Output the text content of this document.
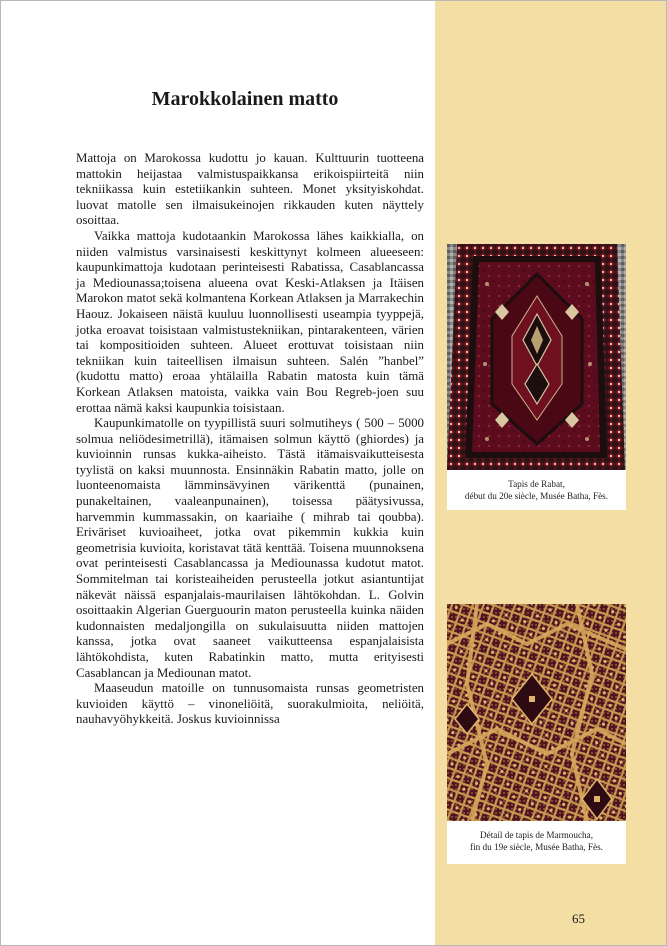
Marokkolainen matto

Mattoja on Marokossa kudottu jo kauan. Kulttuurin tuotteena mattokin heijastaa valmistuspaikkansa erikoispiirteitä niin tekniikassa kuin estetiikankin suhteen. Monet yksityiskohdat. luovat matolle sen ilmaisukeinojen rikkauden kuten näyttely osoittaa.

Vaikka mattoja kudotaankin Marokossa lähes kaikkialla, on niiden valmistus varsinaisesti keskittynyt kolmeen alueeseen: kaupunkimattoja kudotaan perinteisesti Rabatissa, Casablancassa ja Mediounassa;toisena alueena ovat Keski-Atlaksen ja Itäisen Marokon matot sekä kolmantena Korkean Atlaksen ja Marrakechin Haouz. Jokaiseen näistä kuuluu luonnollisesti useampia tyyppejä, jotka eroavat toisistaan valmistustekniikan, pintarakenteen, värien tai kompositioiden suhteen. Alueet erottuvat toisistaan niin tekniikan kuin taiteellisen ilmaisun suhteen. Salén ”hanbel” (kudottu matto) eroaa yhtälailla Rabatin matosta kuin tämä Korkean Atlaksen matoista, vaikka vain Bou Regreb-joen suu erottaa nämä kaksi kaupunkia toisistaan.

Kaupunkimatolle on tyypillistä suuri solmutiheys ( 500 – 5000 solmua neliödesimetrillä), itämaisen solmun käyttö (ghiordes) ja kuvioinnin runsas kukka-aiheisto. Tästä itämaisvaikutteisesta tyylistä on kaksi muunnosta. Ensinnäkin Rabatin matto, jolle on luonteenomaista lämminsävyinen värikenttä (punainen, punakeltainen, vaaleanpunainen), toisessa päätysivussa, harvemmin kummassakin, on kaariaihe ( mihrab tai qoubba). Eriväriset kuvioaiheet, jotka ovat pikemmin kukkia kuin geometrisia kuvioita, koristavat tätä kenttää. Toisena muunnoksena ovat perinteisesti Casablancassa ja Mediounassa kudotut matot. Sommitelman tai koristeaiheiden perusteella jotkut asiantuntijat näkevät näissä espanjalais-maurilaisen lähtökohdan. L. Golvin osoittaakin Algerian Guerguourin maton perusteella kuinka näiden kudonnaisten medaljongilla on sukulaisuutta niiden mattojen kanssa, jotka ovat saaneet vaikutteensa espanjalaisista lähtökohdista, kuten Rabatinkin matto, mutta erityisesti Casablancan ja Mediounan matot.

Maaseudun matoille on tunnusomaista runsas geometristen kuvioiden käyttö – vinoneliöitä, suorakulmioita, neliöitä, nauhavyöhykkeitä. Joskus kuvioinnissa

Tapis de Rabat,
début du 20e siècle, Musée Batha, Fès.
Détail de tapis de Marmoucha,
fin du 19e siècle, Musée Batha, Fès.
65
